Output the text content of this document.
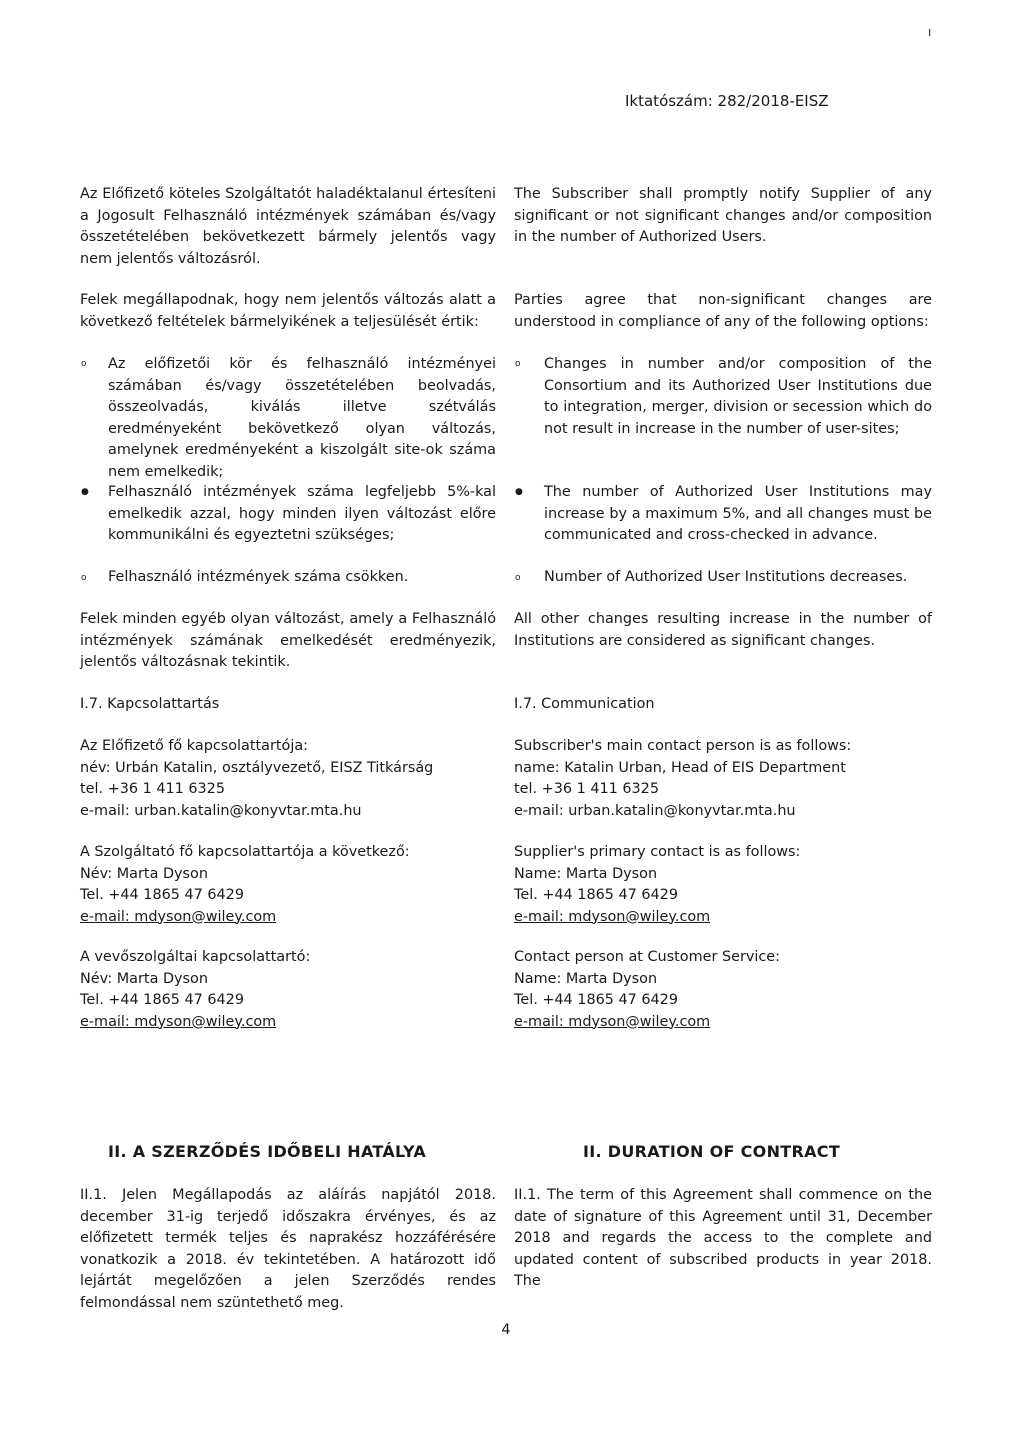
ı
Iktatószám: 282/2018-EISZ
Az Előfizető köteles Szolgáltatót haladéktalanul értesíteni a Jogosult Felhasználó intézmények számában és/vagy összetételében bekövetkezett bármely jelentős vagy nem jelentős változásról.
The Subscriber shall promptly notify Supplier of any significant or not significant changes and/or composition in the number of Authorized Users.
Felek megállapodnak, hogy nem jelentős változás alatt a következő feltételek bármelyikének a teljesülését értik:
Parties agree that non-significant changes are understood in compliance of any of the following options:
o Az előfizetői kör és felhasználó intézményei számában és/vagy összetételében beolvadás, összeolvadás, kiválás illetve szétválás eredményeként bekövetkező olyan változás, amelynek eredményeként a kiszolgált site-ok száma nem emelkedik;
o Changes in number and/or composition of the Consortium and its Authorized User Institutions due to integration, merger, division or secession which do not result in increase in the number of user-sites;
● Felhasználó intézmények száma legfeljebb 5%-kal emelkedik azzal, hogy minden ilyen változást előre kommunikálni és egyeztetni szükséges;
● The number of Authorized User Institutions may increase by a maximum 5%, and all changes must be communicated and cross-checked in advance.
o Felhasználó intézmények száma csökken.	o Number of Authorized User Institutions decreases.
Felek minden egyéb olyan változást, amely a Felhasználó intézmények számának emelkedését eredményezik, jelentős változásnak tekintik.
All other changes resulting increase in the number of Institutions are considered as significant changes.
I.7. Kapcsolattartás	I.7. Communication
Az Előfizető fő kapcsolattartója:
név: Urbán Katalin, osztályvezető, EISZ Titkárság
tel. +36 1 411 6325
e-mail: urban.katalin@konyvtar.mta.hu
A Szolgáltató fő kapcsolattartója a következő:
Név: Marta Dyson
Tel. +44 1865 47 6429
e-mail: mdyson@wiley.com
A vevőszolgáltai kapcsolattartó:
Név: Marta Dyson
Tel. +44 1865 47 6429
e-mail: mdyson@wiley.com
Subscriber's main contact person is as follows:
name: Katalin Urban, Head of EIS Department
tel. +36 1 411 6325
e-mail: urban.katalin@konyvtar.mta.hu
Supplier's primary contact is as follows:
Name: Marta Dyson
Tel. +44 1865 47 6429
e-mail: mdyson@wiley.com
Contact person at Customer Service:
Name: Marta Dyson
Tel. +44 1865 47 6429
e-mail: mdyson@wiley.com
II. A SZERZŐDÉS IDŐBELI HATÁLYA	II. DURATION OF CONTRACT
II.1. Jelen Megállapodás az aláírás napjától 2018. december 31-ig terjedő időszakra érvényes, és az előfizetett termék teljes és naprakész hozzáférésére vonatkozik a 2018. év tekintetében. A határozott idő lejártát megelőzően a jelen Szerződés rendes felmondással nem szüntethető meg.
II.1. The term of this Agreement shall commence on the date of signature of this Agreement until 31, December 2018 and regards the access to the complete and updated content of subscribed products in year 2018. The
4
